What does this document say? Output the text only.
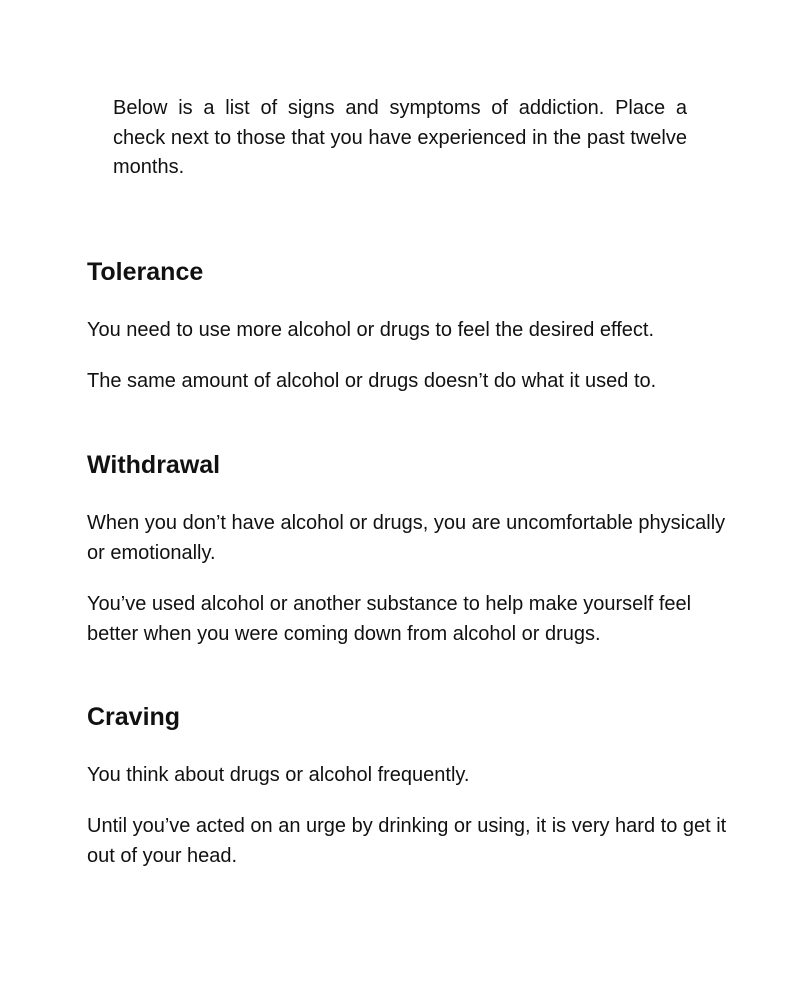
Below is a list of signs and symptoms of addiction. Place a check next to those that you have experienced in the past twelve months.

Tolerance

You need to use more alcohol or drugs to feel the desired effect.

The same amount of alcohol or drugs doesn’t do what it used to.

Withdrawal

When you don’t have alcohol or drugs, you are uncomfortable physically or emotionally.

You’ve used alcohol or another substance to help make yourself feel better when you were coming down from alcohol or drugs.

Craving

You think about drugs or alcohol frequently.

Until you’ve acted on an urge by drinking or using, it is very hard to get it out of your head.
